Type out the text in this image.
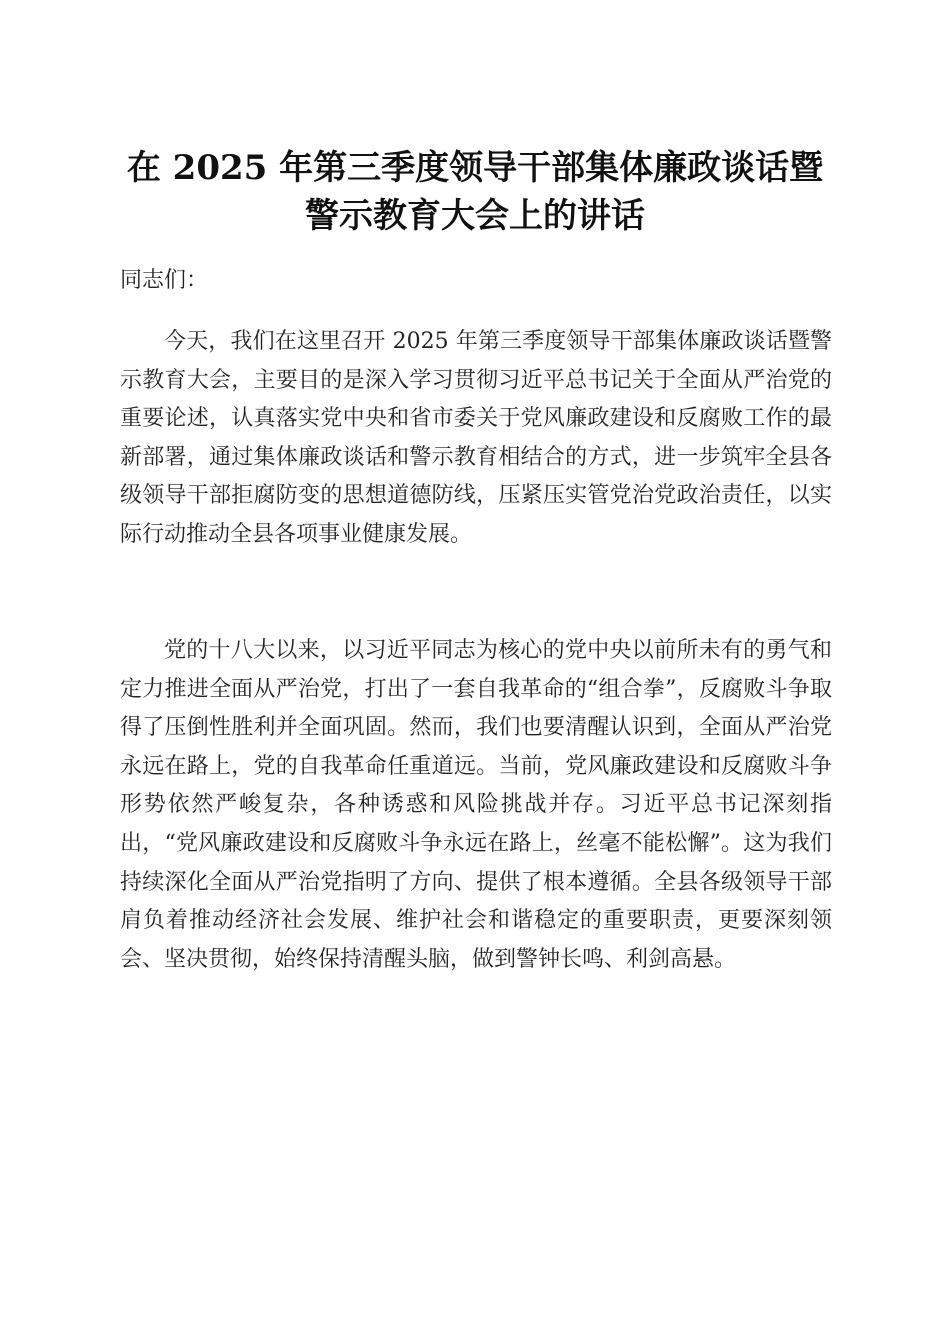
在 2025 年第三季度领导干部集体廉政谈话暨
警示教育大会上的讲话
同志们：

今天，我们在这里召开 2025 年第三季度领导干部集体廉政谈话暨警示教育大会，主要目的是深入学习贯彻习近平总书记关于全面从严治党的重要论述，认真落实党中央和省市委关于党风廉政建设和反腐败工作的最新部署，通过集体廉政谈话和警示教育相结合的方式，进一步筑牢全县各级领导干部拒腐防变的思想道德防线，压紧压实管党治党政治责任，以实际行动推动全县各项事业健康发展。

党的十八大以来，以习近平同志为核心的党中央以前所未有的勇气和定力推进全面从严治党，打出了一套自我革命的“组合拳”，反腐败斗争取得了压倒性胜利并全面巩固。然而，我们也要清醒认识到，全面从严治党永远在路上，党的自我革命任重道远。当前，党风廉政建设和反腐败斗争形势依然严峻复杂，各种诱惑和风险挑战并存。习近平总书记深刻指出，“党风廉政建设和反腐败斗争永远在路上，丝毫不能松懈”。这为我们持续深化全面从严治党指明了方向、提供了根本遵循。全县各级领导干部肩负着推动经济社会发展、维护社会和谐稳定的重要职责，更要深刻领会、坚决贯彻，始终保持清醒头脑，做到警钟长鸣、利剑高悬。
